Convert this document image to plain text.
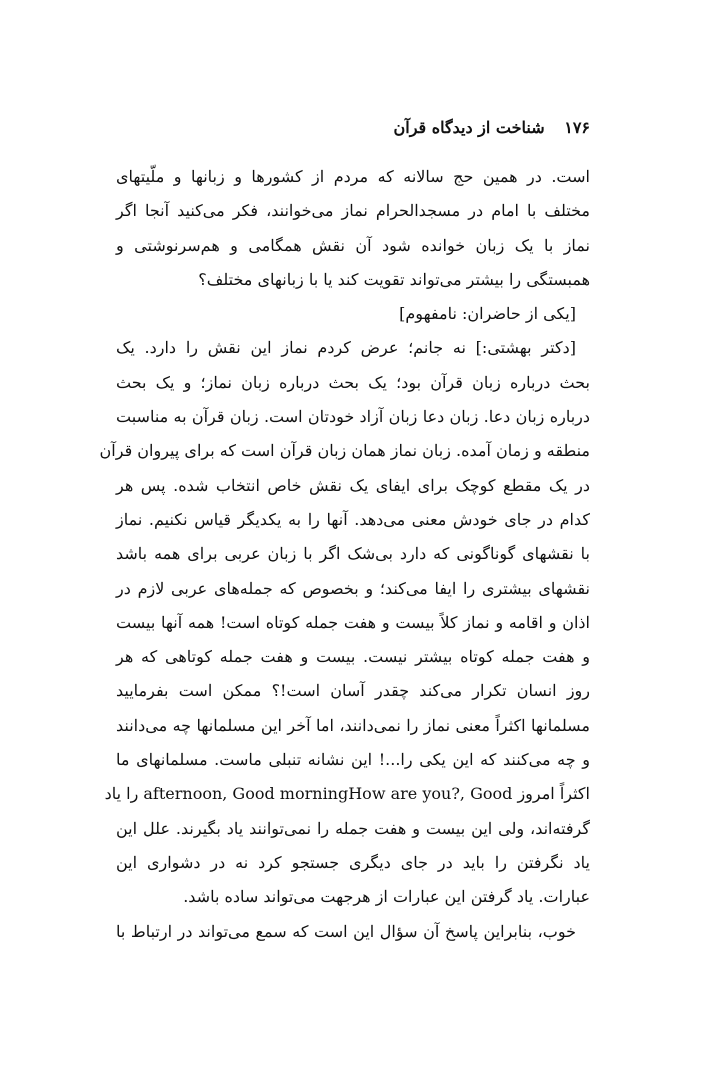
۱۷۶ شناخت از دیدگاه قرآن
است. در همین حج سالانه که مردم از کشورها و زبانها و ملّیتهای
مختلف با امام در مسجدالحرام نماز می‌خوانند، فکر می‌کنید آنجا اگر
نماز با یک زبان خوانده شود آن نقش همگامی و هم‌سرنوشتی و
همبستگی را بیشتر می‌تواند تقویت کند یا با زبانهای مختلف؟
[یکی از حاضران: نامفهوم]
[دکتر بهشتی:] نه جانم؛ عرض کردم نماز این نقش را دارد. یک
بحث درباره زبان قرآن بود؛ یک بحث درباره زبان نماز؛ و یک بحث
درباره زبان دعا. زبان دعا زبان آزاد خودتان است. زبان قرآن به مناسبت
منطقه و زمان آمده. زبان نماز همان زبان قرآن است که برای پیروان قرآن
در یک مقطع کوچک برای ایفای یک نقش خاص انتخاب شده. پس هر
کدام در جای خودش معنی می‌دهد. آنها را به یکدیگر قیاس نکنیم. نماز
با نقشهای گوناگونی که دارد بی‌شک اگر با زبان عربی برای همه باشد
نقشهای بیشتری را ایفا می‌کند؛ و بخصوص که جمله‌های عربی لازم در
اذان و اقامه و نماز کلاً بیست و هفت جمله کوتاه است! همه آنها بیست
و هفت جمله کوتاه بیشتر نیست. بیست و هفت جمله کوتاهی که هر
روز انسان تکرار می‌کند چقدر آسان است!؟ ممکن است بفرمایید
مسلمانها اکثراً معنی نماز را نمی‌دانند، اما آخر این مسلمانها چه می‌دانند
و چه می‌کنند که این یکی را...! این نشانه تنبلی ماست. مسلمانهای ما
اکثراً امروز afternoon, Good morningHow are you?, Good را یاد
گرفته‌اند، ولی این بیست و هفت جمله را نمی‌توانند یاد بگیرند. علل این
یاد نگرفتن را باید در جای دیگری جستجو کرد نه در دشواری این
عبارات. یاد گرفتن این عبارات از هرجهت می‌تواند ساده باشد.
خوب، بنابراین پاسخ آن سؤال این است که سمع می‌تواند در ارتباط با
